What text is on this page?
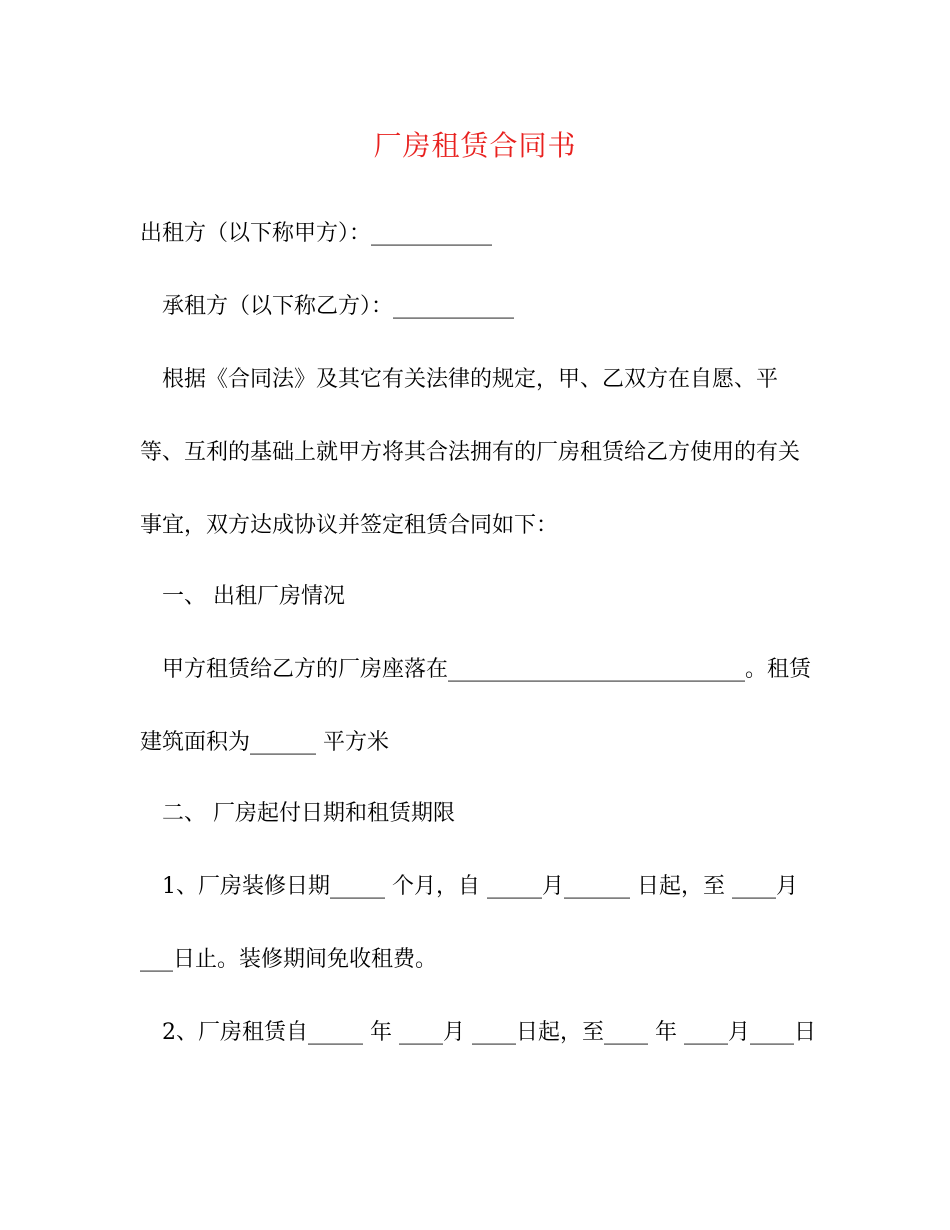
厂房租赁合同书
出租方（以下称甲方）：___________
承租方（以下称乙方）：___________
根据《合同法》及其它有关法律的规定，甲、乙双方在自愿、平
等、互利的基础上就甲方将其合法拥有的厂房租赁给乙方使用的有关
事宜，双方达成协议并签定租赁合同如下：
一、 出租厂房情况
甲方租赁给乙方的厂房座落在___________________________。租赁
建筑面积为______ 平方米
二、 厂房起付日期和租赁期限
1、厂房装修日期_____ 个月，自 _____月______ 日起，至 ____月
___日止。装修期间免收租费。
2、厂房租赁自_____ 年 ____月 ____日起，至____ 年 ____月____日
